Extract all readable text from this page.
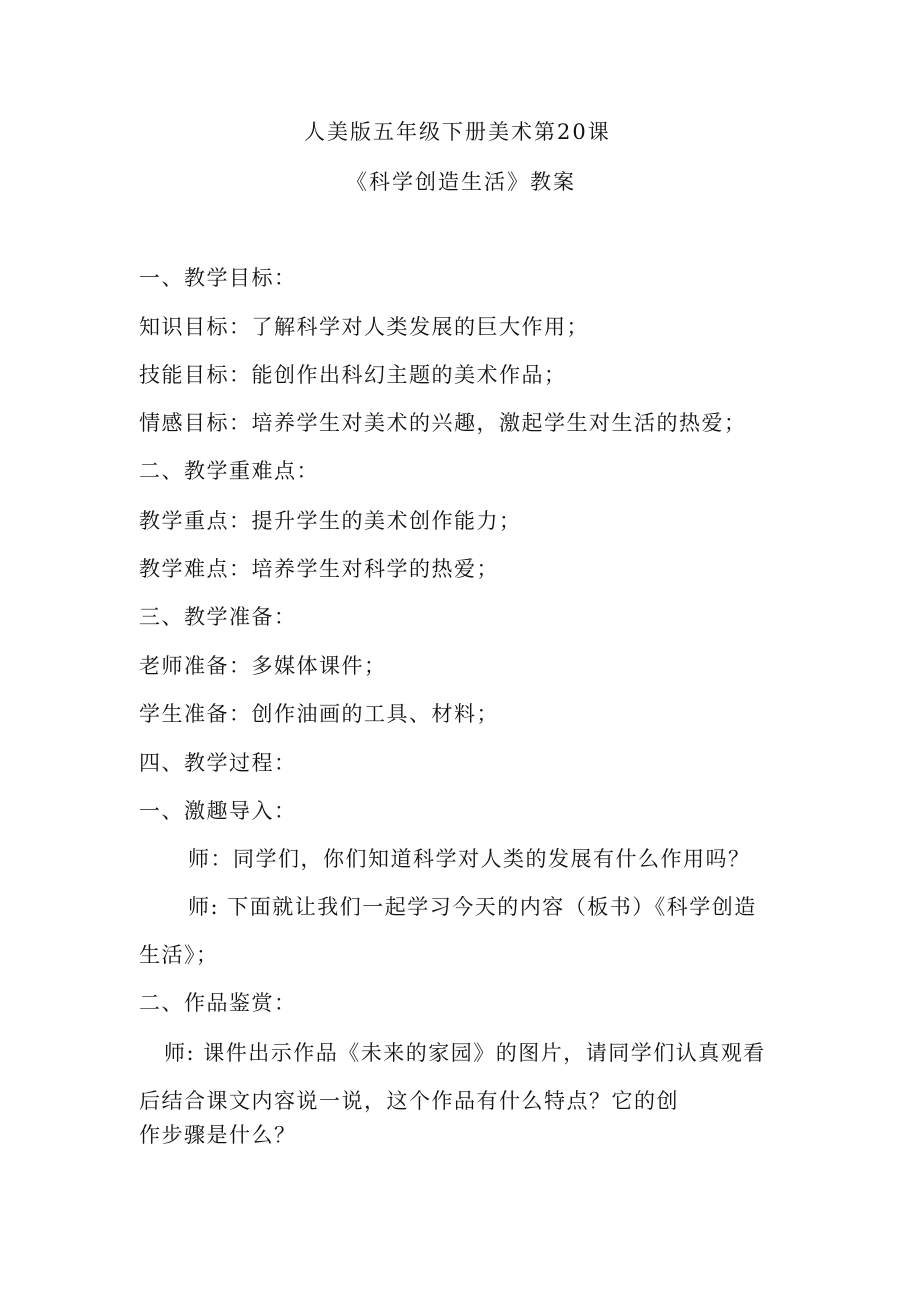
人美版五年级下册美术第20课
《科学创造生活》教案
一、教学目标：
知识目标：了解科学对人类发展的巨大作用；
技能目标：能创作出科幻主题的美术作品；
情感目标：培养学生对美术的兴趣，激起学生对生活的热爱；
二、教学重难点：
教学重点：提升学生的美术创作能力；
教学难点：培养学生对科学的热爱；
三、教学准备：
老师准备：多媒体课件；
学生准备：创作油画的工具、材料；
四、教学过程：
一、激趣导入：
师：同学们，你们知道科学对人类的发展有什么作用吗？
师: 下面就让我们一起学习今天的内容（板书）《科学创造
生活》；
二、作品鉴赏：
师: 课件出示作品《未来的家园》的图片，请同学们认真观看
后结合课文内容说一说，这个作品有什么特点？它的创
作步骤是什么？
